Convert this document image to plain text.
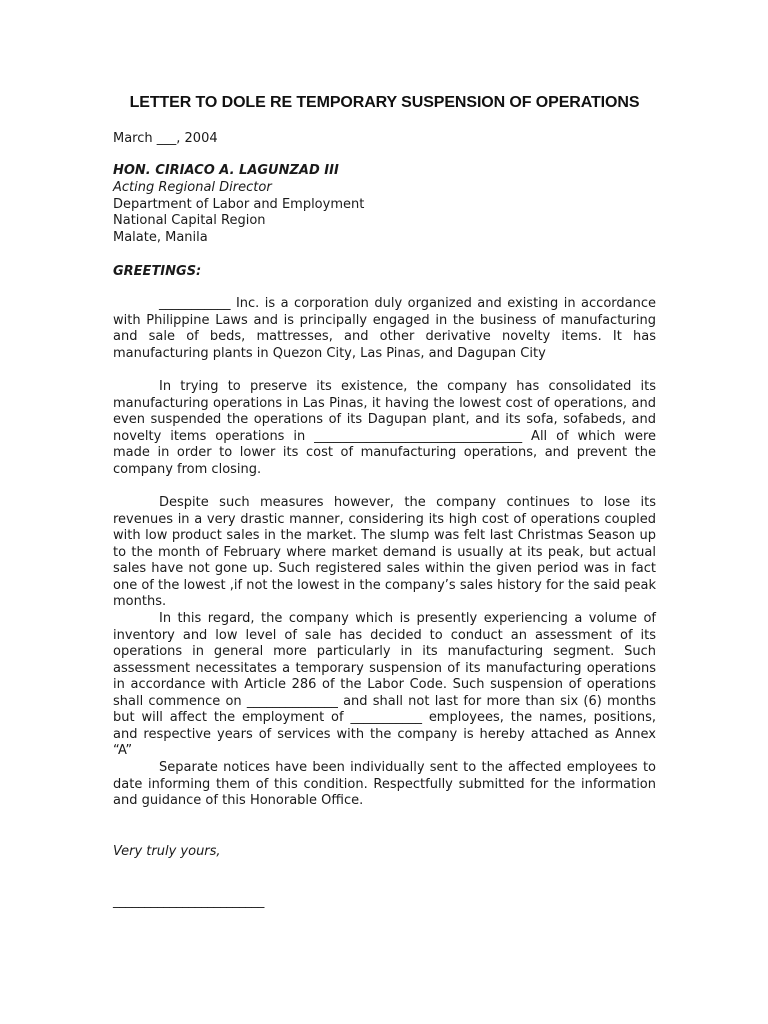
LETTER TO DOLE RE TEMPORARY SUSPENSION OF OPERATIONS
March ___, 2004
HON. CIRIACO A. LAGUNZAD III
Acting Regional Director
Department of Labor and Employment
National Capital Region
Malate, Manila
GREETINGS:

___________ Inc. is a corporation duly organized and existing in accordance with Philippine Laws and is principally engaged in the business of manufacturing and sale of beds, mattresses, and other derivative novelty items. It has manufacturing plants in Quezon City, Las Pinas, and Dagupan City

In trying to preserve its existence, the company has consolidated its manufacturing operations in Las Pinas, it having the lowest cost of operations, and even suspended the operations of its Dagupan plant, and its sofa, sofabeds, and novelty items operations in ________________________________ All of which were made in order to lower its cost of manufacturing operations, and prevent the company from closing.

Despite such measures however, the company continues to lose its revenues in a very drastic manner, considering its high cost of operations coupled with low product sales in the market. The slump was felt last Christmas Season up to the month of February where market demand is usually at its peak, but actual sales have not gone up. Such registered sales within the given period was in fact one of the lowest ,if not the lowest in the company’s sales history for the said peak months.

In this regard, the company which is presently experiencing a volume of inventory and low level of sale has decided to conduct an assessment of its operations in general more particularly in its manufacturing segment. Such assessment necessitates a temporary suspension of its manufacturing operations in accordance with Article 286 of the Labor Code. Such suspension of operations shall commence on ______________ and shall not last for more than six (6) months but will affect the employment of ___________ employees, the names, positions, and respective years of services with the company is hereby attached as Annex “A”

Separate notices have been individually sent to the affected employees to date informing them of this condition. Respectfully submitted for the information and guidance of this Honorable Office.

Very truly yours,
________________________
